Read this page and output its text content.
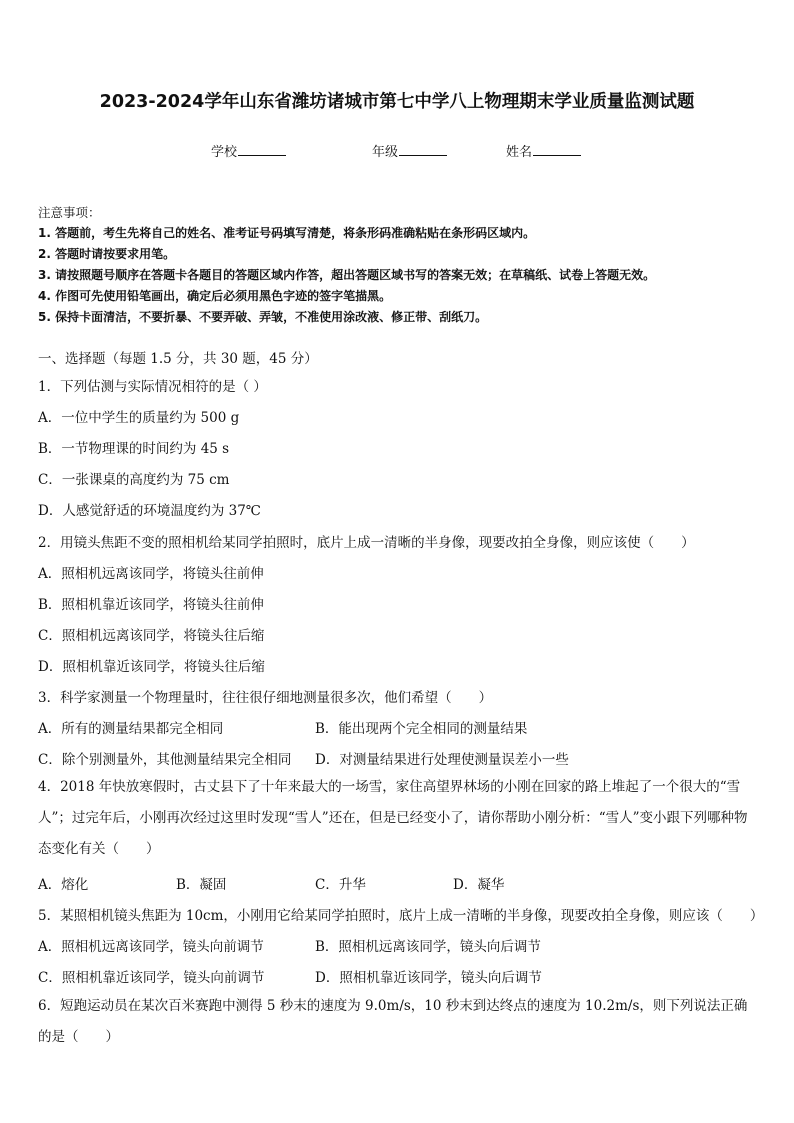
2023-2024学年山东省潍坊诸城市第七中学八上物理期末学业质量监测试题
学校	年级	姓名
注意事项：
1. 答题前，考生先将自己的姓名、准考证号码填写清楚，将条形码准确粘贴在条形码区域内。
2. 答题时请按要求用笔。
3. 请按照题号顺序在答题卡各题目的答题区域内作答，超出答题区域书写的答案无效；在草稿纸、试卷上答题无效。
4. 作图可先使用铅笔画出，确定后必须用黑色字迹的签字笔描黑。
5. 保持卡面清洁，不要折暴、不要弄破、弄皱，不准使用涂改液、修正带、刮纸刀。
一、选择题（每题 1.5 分，共 30 题，45 分）
1．下列估测与实际情况相符的是（ ）
A．一位中学生的质量约为 500 g
B．一节物理课的时间约为 45 s
C．一张课桌的高度约为 75 cm
D．人感觉舒适的环境温度约为 37℃
2．用镜头焦距不变的照相机给某同学拍照时，底片上成一清晰的半身像，现要改拍全身像，则应该使（　　）
A．照相机远离该同学，将镜头往前伸
B．照相机靠近该同学，将镜头往前伸
C．照相机远离该同学，将镜头往后缩
D．照相机靠近该同学，将镜头往后缩
3．科学家测量一个物理量时，往往很仔细地测量很多次，他们希望（　　）
A．所有的测量结果都完全相同	B．能出现两个完全相同的测量结果
C．除个别测量外，其他测量结果完全相同 D．对测量结果进行处理使测量误差小一些
4．2018 年快放寒假时，古丈县下了十年来最大的一场雪，家住高望界林场的小刚在回家的路上堆起了一个很大的“雪人”；过完年后，小刚再次经过这里时发现“雪人”还在，但是已经变小了，请你帮助小刚分析：“雪人”变小跟下列哪种物态变化有关（　　）
A．熔化	B．凝固	C．升华	D．凝华
5．某照相机镜头焦距为 10cm，小刚用它给某同学拍照时，底片上成一清晰的半身像，现要改拍全身像，则应该（　　）
A．照相机远离该同学，镜头向前调节	B．照相机远离该同学，镜头向后调节
C．照相机靠近该同学，镜头向前调节	D．照相机靠近该同学，镜头向后调节
6．短跑运动员在某次百米赛跑中测得 5 秒末的速度为 9.0m/s，10 秒末到达终点的速度为 10.2m/s，则下列说法正确的是（　　）
